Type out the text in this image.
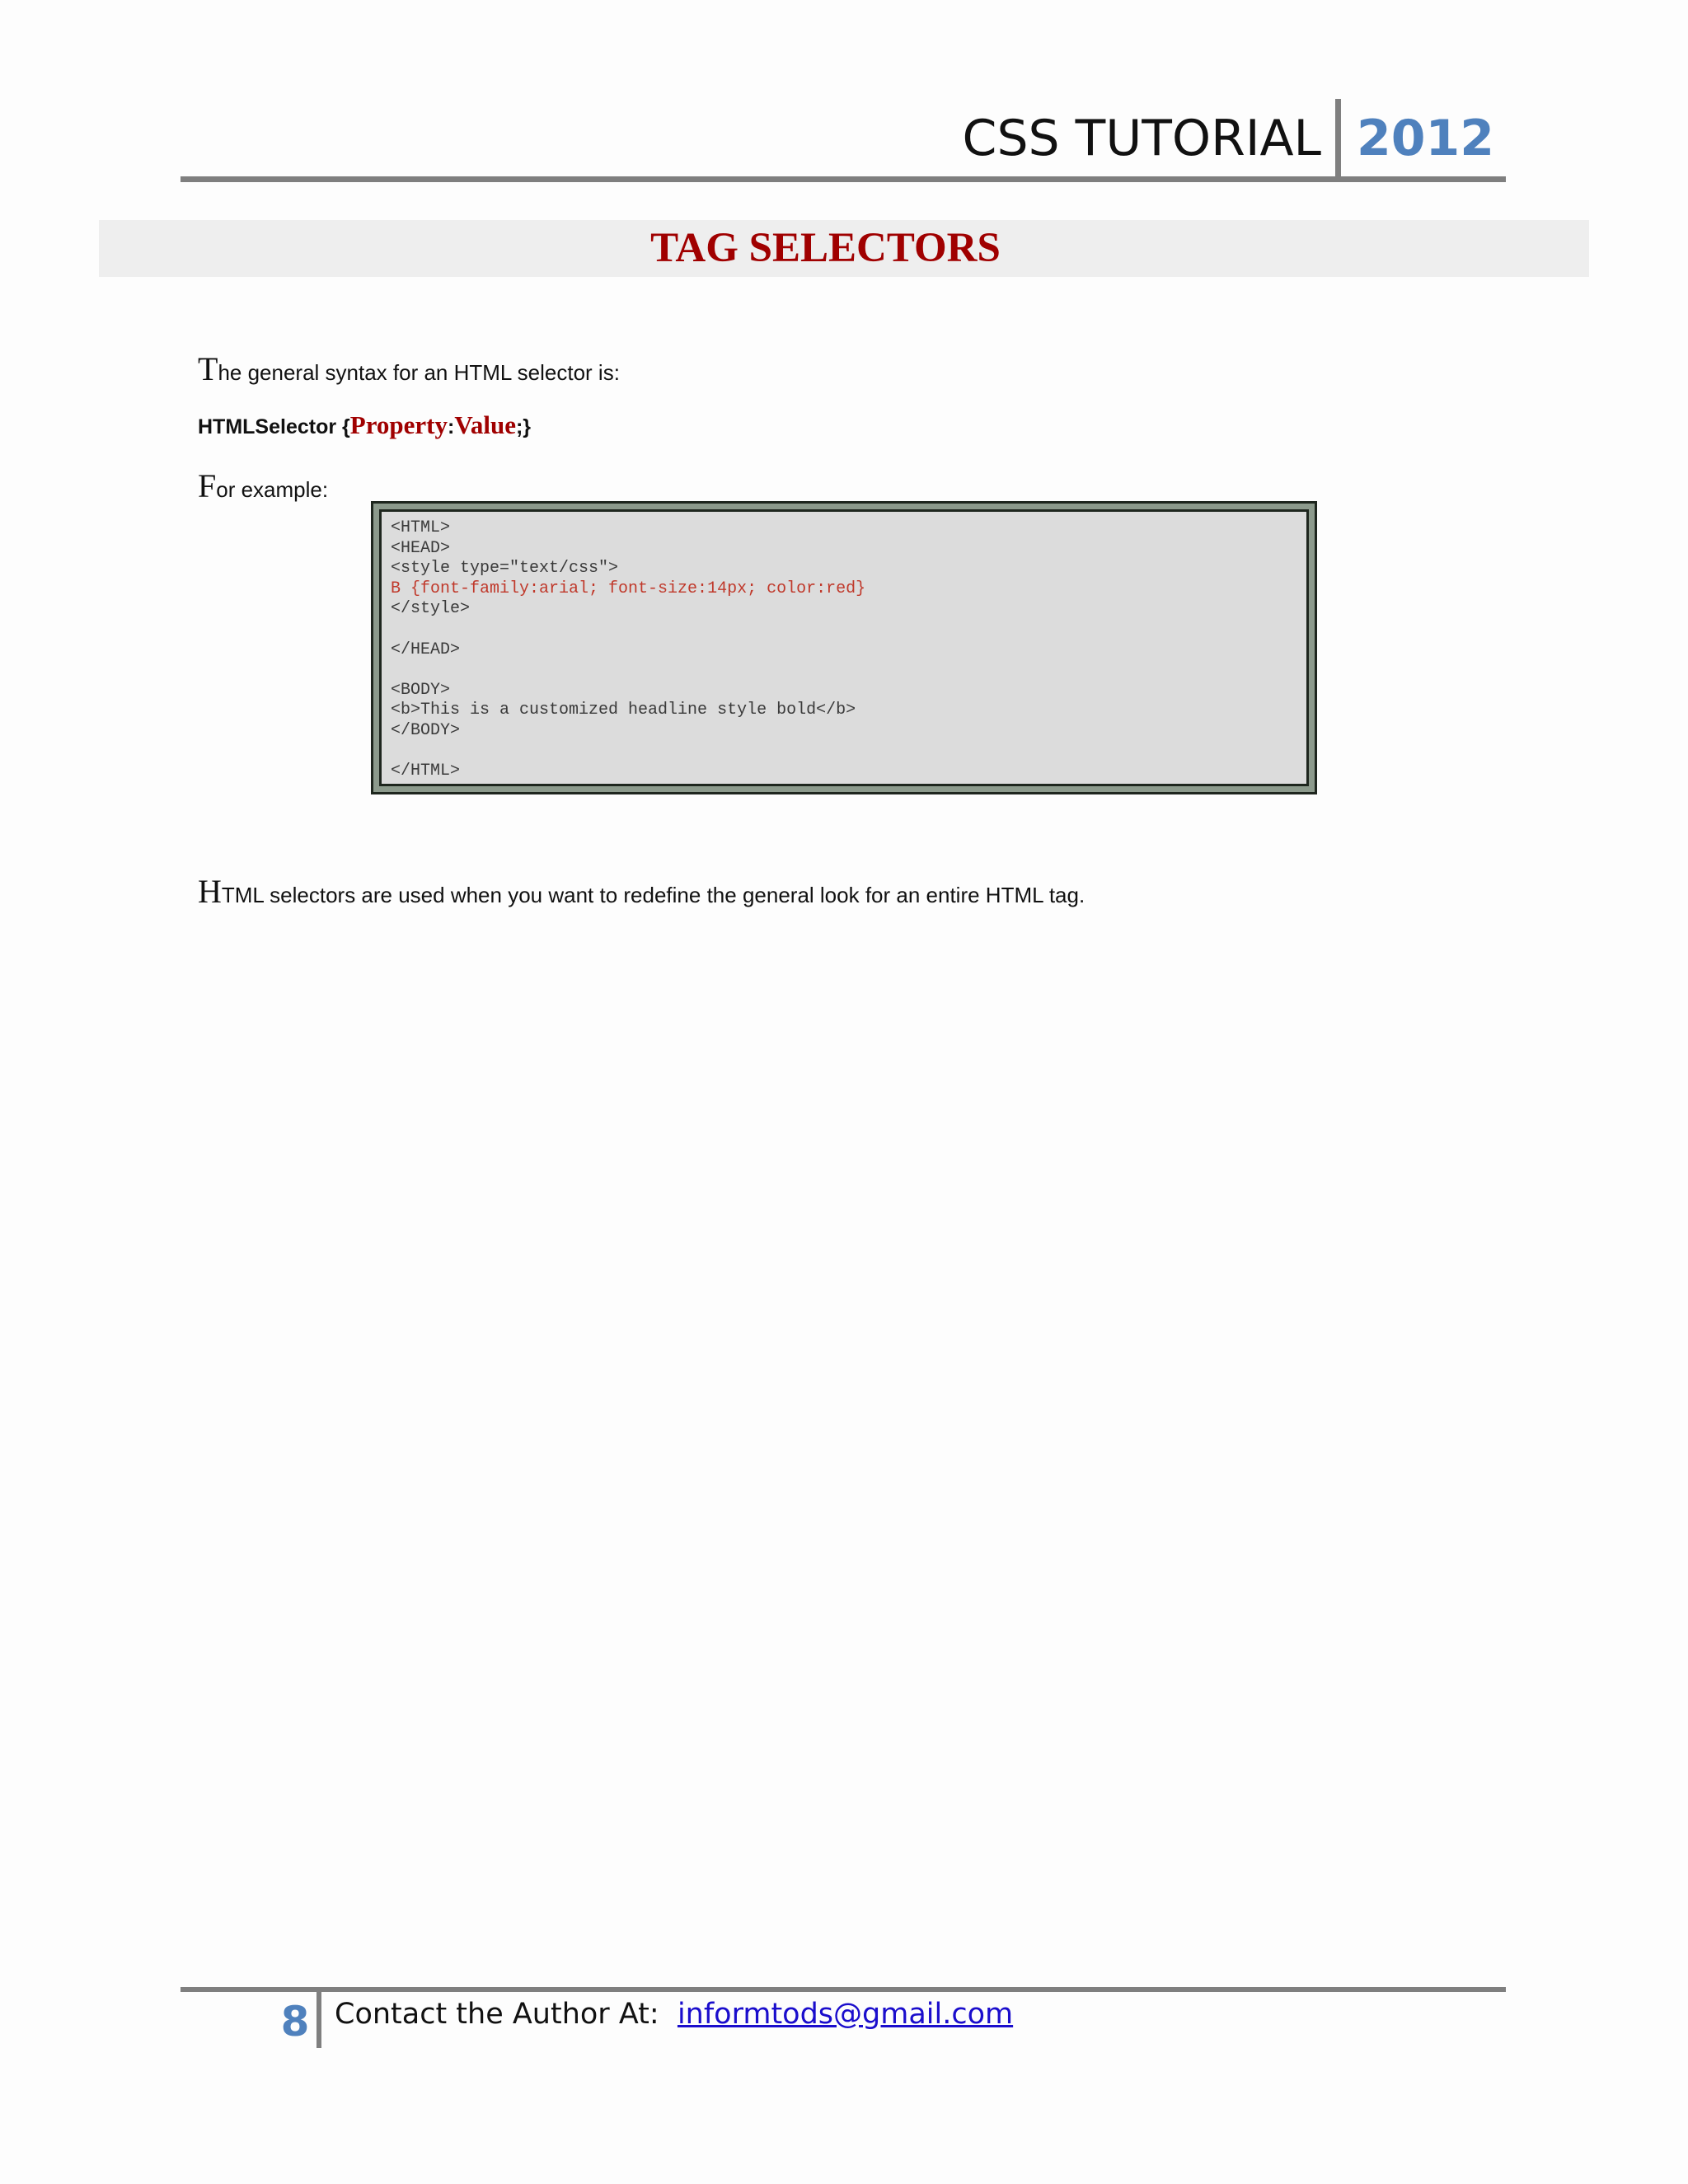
CSS TUTORIAL 2012
TAG SELECTORS
The general syntax for an HTML selector is:
HTMLSelector {Property:Value;}
For example:
<HTML>
<HEAD>
<style type="text/css">
B {font-family:arial; font-size:14px; color:red}
</style>
</HEAD>
<BODY>
<b>This is a customized headline style bold</b>
</BODY>
</HTML>
HTML selectors are used when you want to redefine the general look for an entire HTML tag.
8 Contact the Author At: informtods@gmail.com
